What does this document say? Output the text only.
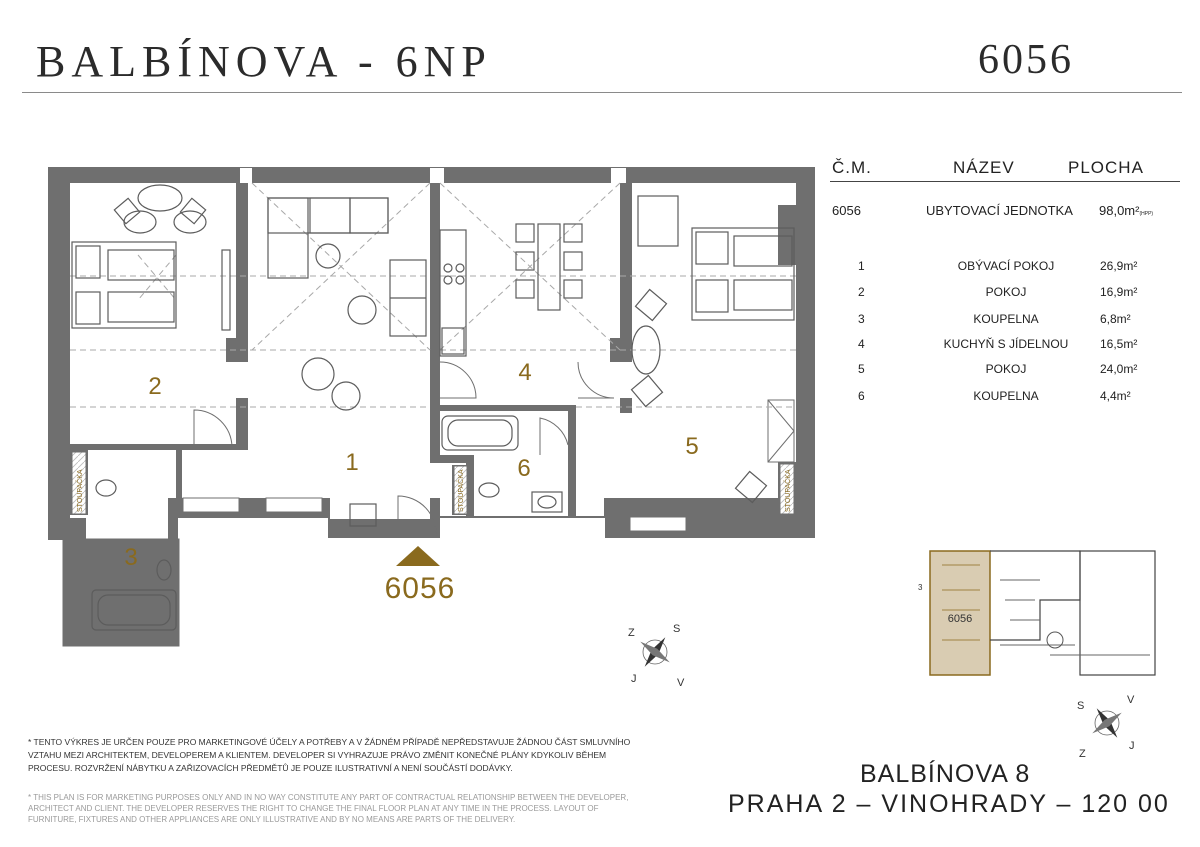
BALBÍNOVA - 6NP	6056
1
2
3
4
5
6
STOUPAČKA	STOUPAČKA	STOUPAČKA
6056
Z	S
J	V
6056
3
S	V
Z
J
Č.M.	NÁZEV	PLOCHA
6056	UBYTOVACÍ JEDNOTKA 98,0m²(HPP)
1	OBÝVACÍ POKOJ	26,9m²
2	POKOJ	16,9m²
3	KOUPELNA	6,8m²
4	KUCHYŇ S JÍDELNOU	16,5m²
5	POKOJ	24,0m²
6	KOUPELNA	4,4m²
* TENTO VÝKRES JE URČEN POUZE PRO MARKETINGOVÉ ÚČELY A POTŘEBY A V ŽÁDNÉM PŘÍPADĚ NEPŘEDSTAVUJE ŽÁDNOU ČÁST SMLUVNÍHO VZTAHU MEZI ARCHITEKTEM, DEVELOPEREM A KLIENTEM. DEVELOPER SI VYHRAZUJE PRÁVO ZMĚNIT KONEČNÉ PLÁNY KDYKOLIV BĚHEM PROCESU. ROZVRŽENÍ NÁBYTKU A ZAŘIZOVACÍCH PŘEDMĚTŮ JE POUZE ILUSTRATIVNÍ A NENÍ SOUČÁSTÍ DODÁVKY.
* THIS PLAN IS FOR MARKETING PURPOSES ONLY AND IN NO WAY CONSTITUTE ANY PART OF CONTRACTUAL RELATIONSHIP BETWEEN THE DEVELOPER, ARCHITECT AND CLIENT. THE DEVELOPER RESERVES THE RIGHT TO CHANGE THE FINAL FLOOR PLAN AT ANY TIME IN THE PROCESS. LAYOUT OF FURNITURE, FIXTURES AND OTHER APPLIANCES ARE ONLY ILLUSTRATIVE AND BY NO MEANS ARE PARTS OF THE DELIVERY.
BALBÍNOVA 8
PRAHA 2 – VINOHRADY – 120 00
